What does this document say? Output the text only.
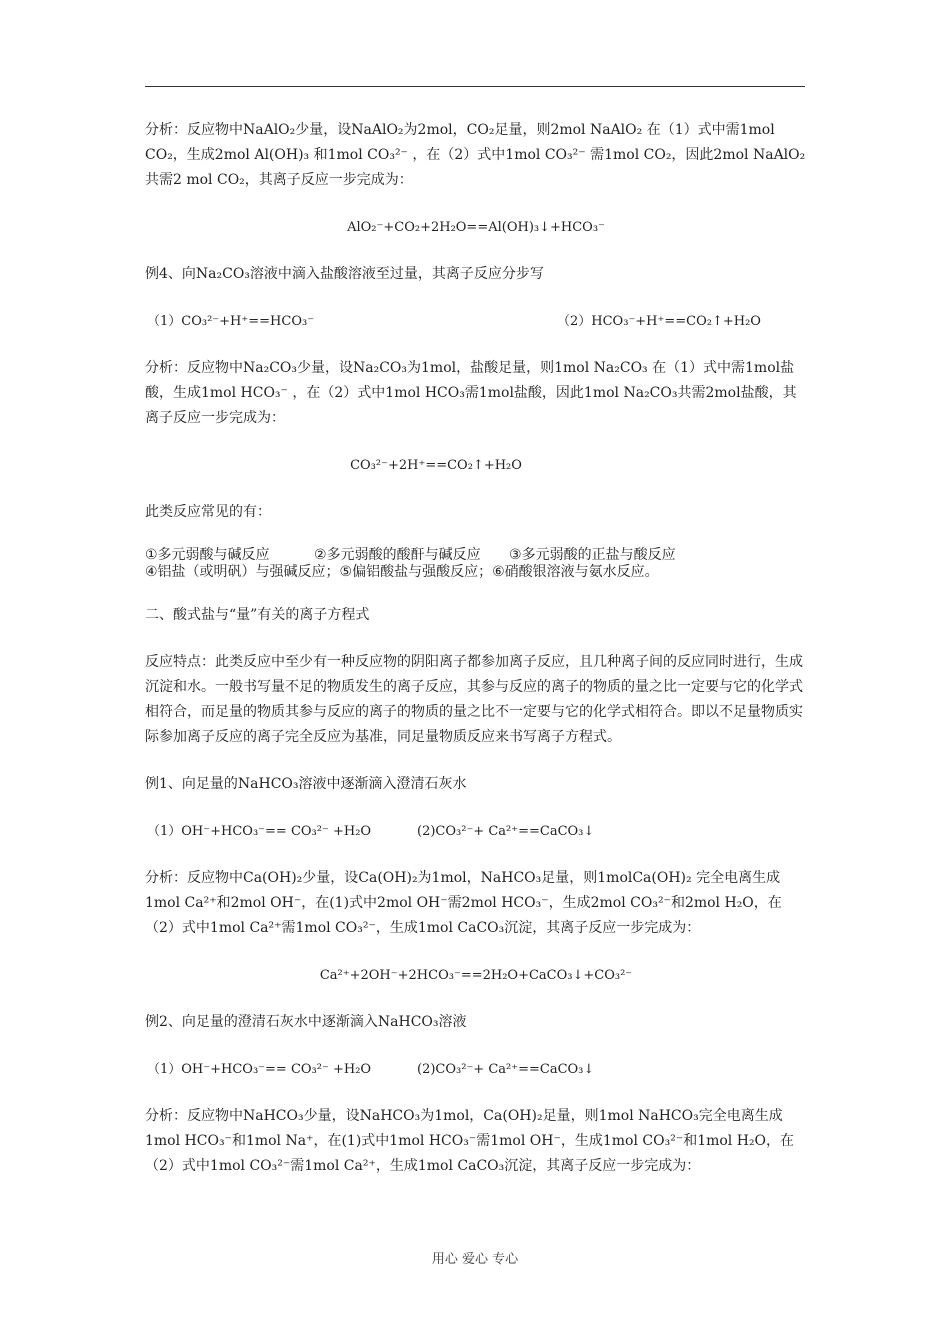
分析：反应物中NaAlO₂少量，设NaAlO₂为2mol，CO₂足量，则2mol NaAlO₂ 在（1）式中需1mol CO₂，生成2mol Al(OH)₃ 和1mol CO₃²⁻ ，在（2）式中1mol CO₃²⁻ 需1mol CO₂，因此2mol NaAlO₂ 共需2 mol CO₂，其离子反应一步完成为：

AlO₂⁻+CO₂+2H₂O==Al(OH)₃↓+HCO₃⁻

例4、向Na₂CO₃溶液中滴入盐酸溶液至过量，其离子反应分步写

（1）CO₃²⁻+H⁺==HCO₃⁻	（2）HCO₃⁻+H⁺==CO₂↑+H₂O

分析：反应物中Na₂CO₃少量，设Na₂CO₃为1mol，盐酸足量，则1mol Na₂CO₃ 在（1）式中需1mol盐酸，生成1mol HCO₃⁻ ，在（2）式中1mol HCO₃需1mol盐酸，因此1mol Na₂CO₃共需2mol盐酸，其离子反应一步完成为：

CO₃²⁻+2H⁺==CO₂↑+H₂O

此类反应常见的有：

①多元弱酸与碱反应	②多元弱酸的酸酐与碱反应 ③多元弱酸的正盐与酸反应
④铝盐（或明矾）与强碱反应；⑤偏铝酸盐与强酸反应；⑥硝酸银溶液与氨水反应。

二、酸式盐与“量”有关的离子方程式

反应特点：此类反应中至少有一种反应物的阴阳离子都参加离子反应，且几种离子间的反应同时进行，生成沉淀和水。一般书写量不足的物质发生的离子反应，其参与反应的离子的物质的量之比一定要与它的化学式相符合，而足量的物质其参与反应的离子的物质的量之比不一定要与它的化学式相符合。即以不足量物质实际参加离子反应的离子完全反应为基准，同足量物质反应来书写离子方程式。

例1、向足量的NaHCO₃溶液中逐渐滴入澄清石灰水

（1）OH⁻+HCO₃⁻== CO₃²⁻ +H₂O	(2)CO₃²⁻+ Ca²⁺==CaCO₃↓

分析：反应物中Ca(OH)₂少量，设Ca(OH)₂为1mol，NaHCO₃足量，则1molCa(OH)₂ 完全电离生成1mol Ca²⁺和2mol OH⁻，在(1)式中2mol OH⁻需2mol HCO₃⁻，生成2mol CO₃²⁻和2mol H₂O，在（2）式中1mol Ca²⁺需1mol CO₃²⁻，生成1mol CaCO₃沉淀，其离子反应一步完成为：

Ca²⁺+2OH⁻+2HCO₃⁻==2H₂O+CaCO₃↓+CO₃²⁻

例2、向足量的澄清石灰水中逐渐滴入NaHCO₃溶液

（1）OH⁻+HCO₃⁻== CO₃²⁻ +H₂O	(2)CO₃²⁻+ Ca²⁺==CaCO₃↓

分析：反应物中NaHCO₃少量，设NaHCO₃为1mol，Ca(OH)₂足量，则1mol NaHCO₃完全电离生成1mol HCO₃⁻和1mol Na⁺，在(1)式中1mol HCO₃⁻需1mol OH⁻，生成1mol CO₃²⁻和1mol H₂O，在（2）式中1mol CO₃²⁻需1mol Ca²⁺，生成1mol CaCO₃沉淀，其离子反应一步完成为：

用心 爱心 专心
